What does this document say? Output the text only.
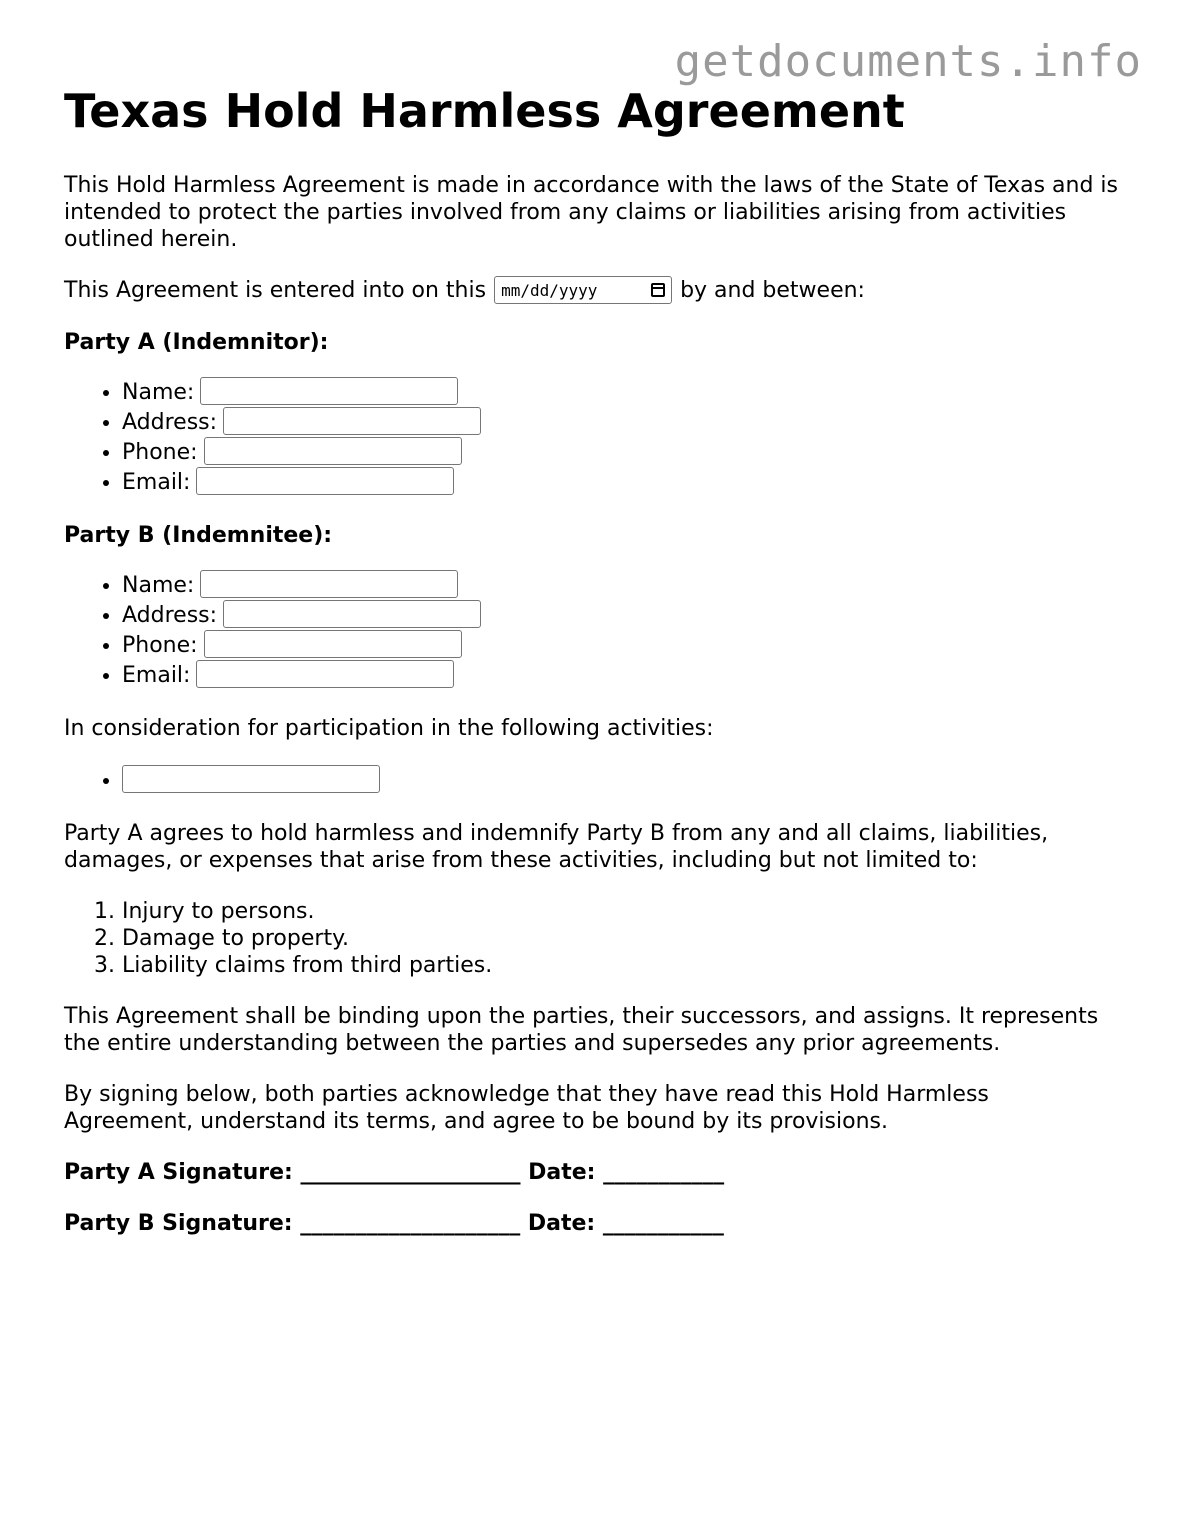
getdocuments.info
Texas Hold Harmless Agreement

This Hold Harmless Agreement is made in accordance with the laws of the State of Texas and is intended to protect the parties involved from any claims or liabilities arising from activities outlined herein.

This Agreement is entered into on this mm/dd/yyyy	by and between:
Party A (Indemnitor):
• Name:
• Address:
• Phone:
• Email:
Party B (Indemnitee):
• Name:
• Address:
• Phone:
• Email:

In consideration for participation in the following activities:

•

Party A agrees to hold harmless and indemnify Party B from any and all claims, liabilities, damages, or expenses that arise from these activities, including but not limited to:

1. Injury to persons.
2. Damage to property.
3. Liability claims from third parties.

This Agreement shall be binding upon the parties, their successors, and assigns. It represents the entire understanding between the parties and supersedes any prior agreements.

By signing below, both parties acknowledge that they have read this Hold Harmless Agreement, understand its terms, and agree to be bound by its provisions.

Party A Signature: ____________________ Date: ___________
Party B Signature: ____________________ Date: ___________
